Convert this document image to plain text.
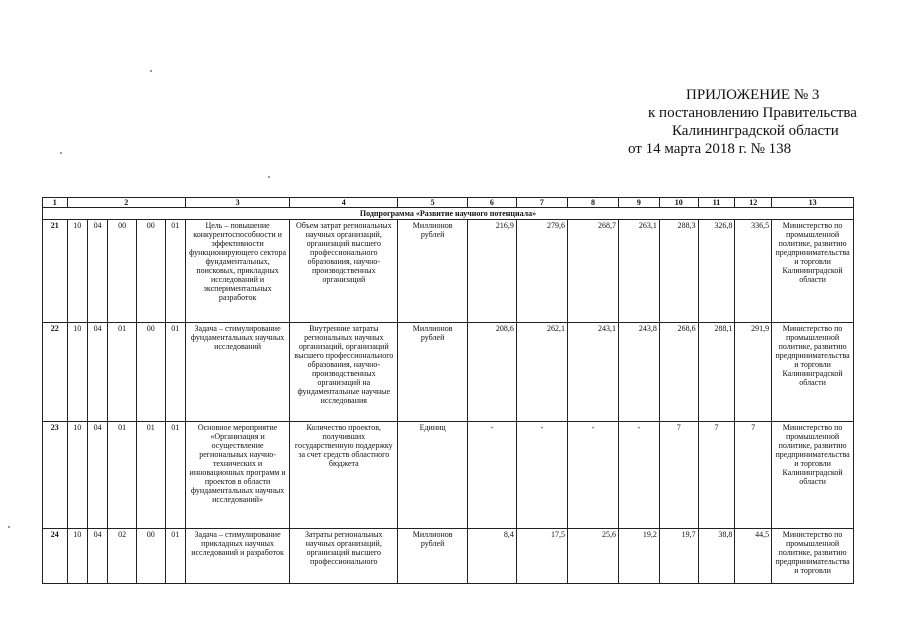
ПРИЛОЖЕНИЕ № 3
к постановлению Правительства
Калининградской области
от 14 марта 2018 г. № 138
1	2					3	4	5	6	7	8	9	10	11	12	13
Подпрограмма «Развитие научного потенциала»																
21	10	04	00	00	01	Цель – повышение конкурентоспособности и эффективности функционирующего сектора фундаментальных, поисковых, прикладных исследований и экспериментальных разработок	Объем затрат региональных научных организаций, организаций высшего профессионального образования, научно-производственных организаций	Миллионов рублей	216,9	279,6	268,7	263,1	288,3	326,8	336,5	Министерство по промышленной политике, развитию предпринимательства и торговли Калининградской области
22	10	04	01	00	01	Задача – стимулирование фундаментальных научных исследований	Внутренние затраты региональных научных организаций, организаций высшего профессионального образования, научно-производственных организаций на фундаментальные научные исследования	Миллионов рублей	208,6	262,1	243,1	243,8	268,6	288,1	291,9	Министерство по промышленной политике, развитию предпринимательства и торговли Калининградской области
23	10	04	01	01	01	Основное мероприятие «Организация и осуществление региональных научно-технических и инновационных программ и проектов в области фундаментальных научных исследований»	Количество проектов, получивших государственную поддержку за счет средств областного бюджета	Единиц	-	-	-	-	7	7	7	Министерство по промышленной политике, развитию предпринимательства и торговли Калининградской области
24	10	04	02	00	01	Задача – стимулирование прикладных научных исследований и разработок	Затраты региональных научных организаций, организаций высшего профессионального	Миллионов рублей	8,4	17,5	25,6	19,2	19,7	38,8	44,5	Министерство по промышленной политике, развитию предпринимательства и торговли
